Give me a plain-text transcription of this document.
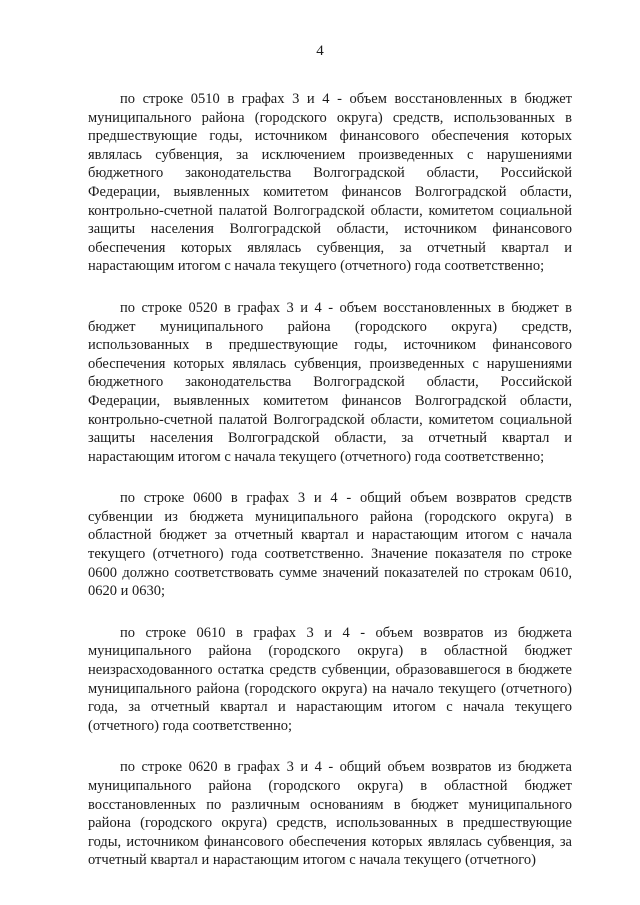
4

по строке 0510 в графах 3 и 4 - объем восстановленных в бюджет муниципального района (городского округа) средств, использованных в предшествующие годы, источником финансового обеспечения которых являлась субвенция, за исключением произведенных с нарушениями бюджетного законодательства Волгоградской области, Российской Федерации, выявленных комитетом финансов Волгоградской области, контрольно-счетной палатой Волгоградской области, комитетом социальной защиты населения Волгоградской области, источником финансового обеспечения которых являлась субвенция, за отчетный квартал и нарастающим итогом с начала текущего (отчетного) года соответственно;

по строке 0520 в графах 3 и 4 - объем восстановленных в бюджет в бюджет муниципального района (городского округа) средств, использованных в предшествующие годы, источником финансового обеспечения которых являлась субвенция, произведенных с нарушениями бюджетного законодательства Волгоградской области, Российской Федерации, выявленных комитетом финансов Волгоградской области, контрольно-счетной палатой Волгоградской области, комитетом социальной защиты населения Волгоградской области, за отчетный квартал и нарастающим итогом с начала текущего (отчетного) года соответственно;

по строке 0600 в графах 3 и 4 - общий объем возвратов средств субвенции из бюджета муниципального района (городского округа) в областной бюджет за отчетный квартал и нарастающим итогом с начала текущего (отчетного) года соответственно. Значение показателя по строке 0600 должно соответствовать сумме значений показателей по строкам 0610, 0620 и 0630;

по строке 0610 в графах 3 и 4 - объем возвратов из бюджета муниципального района (городского округа) в областной бюджет неизрасходованного остатка средств субвенции, образовавшегося в бюджете муниципального района (городского округа) на начало текущего (отчетного) года, за отчетный квартал и нарастающим итогом с начала текущего (отчетного) года соответственно;

по строке 0620 в графах 3 и 4 - общий объем возвратов из бюджета муниципального района (городского округа) в областной бюджет восстановленных по различным основаниям в бюджет муниципального района (городского округа) средств, использованных в предшествующие годы, источником финансового обеспечения которых являлась субвенция, за отчетный квартал и нарастающим итогом с начала текущего (отчетного)
